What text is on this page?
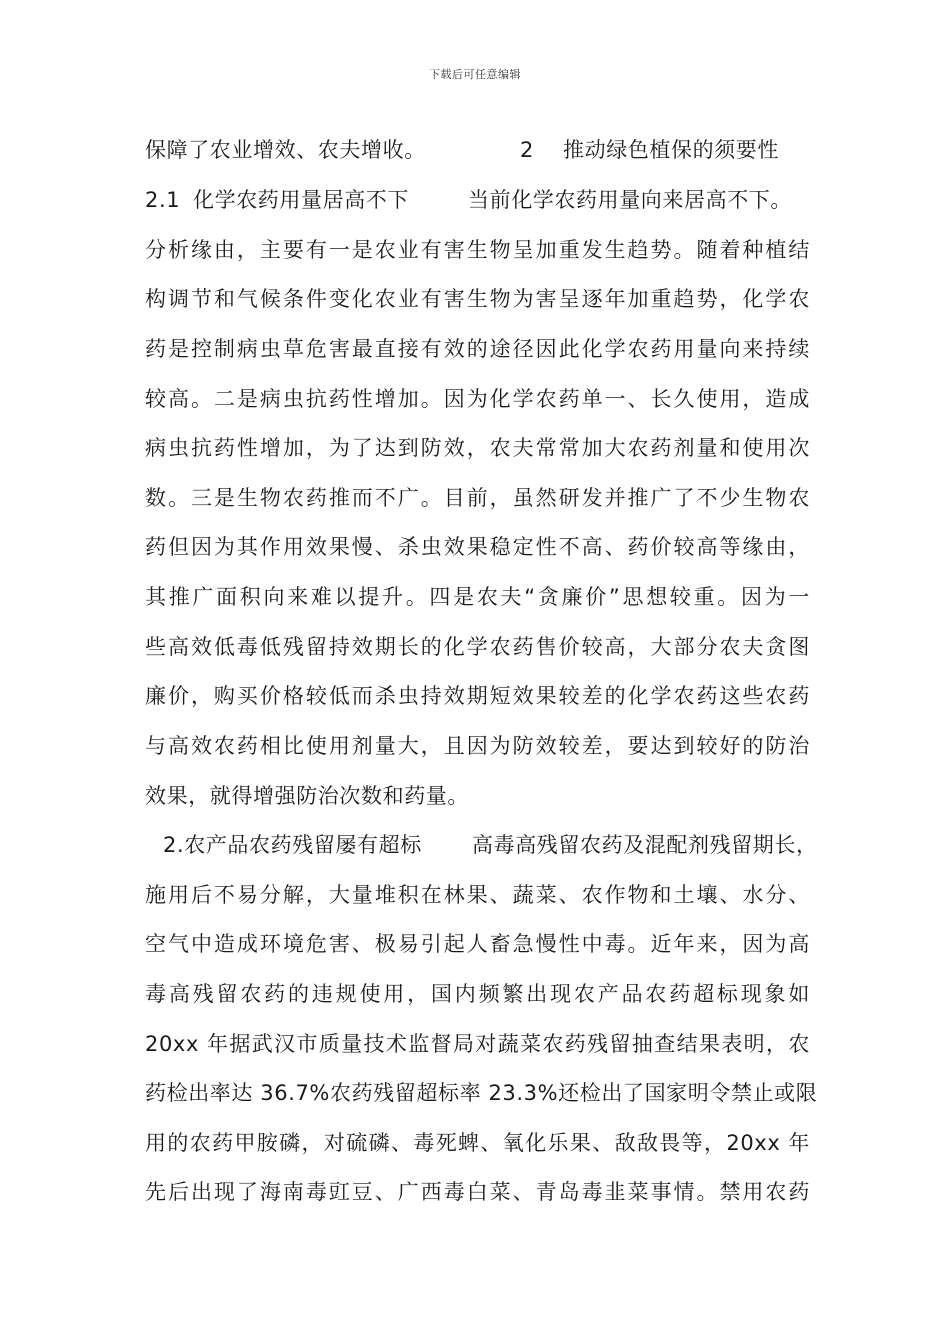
下载后可任意编辑
保障了农业增效、农夫增收。	2 推动绿色植保的须要性
2.1 化学农药用量居高不下	当前化学农药用量向来居高不下。
分析缘由，主要有一是农业有害生物呈加重发生趋势。随着种植结
构调节和气候条件变化农业有害生物为害呈逐年加重趋势，化学农
药是控制病虫草危害最直接有效的途径因此化学农药用量向来持续
较高。二是病虫抗药性增加。因为化学农药单一、长久使用，造成
病虫抗药性增加，为了达到防效，农夫常常加大农药剂量和使用次
数。三是生物农药推而不广。目前，虽然研发并推广了不少生物农
药但因为其作用效果慢、杀虫效果稳定性不高、药价较高等缘由，
其推广面积向来难以提升。四是农夫“贪廉价”思想较重。因为一
些高效低毒低残留持效期长的化学农药售价较高，大部分农夫贪图
廉价，购买价格较低而杀虫持效期短效果较差的化学农药这些农药
与高效农药相比使用剂量大，且因为防效较差，要达到较好的防治
效果，就得增强防治次数和药量。
2.农产品农药残留屡有超标 高毒高残留农药及混配剂残留期长，
施用后不易分解，大量堆积在林果、蔬菜、农作物和土壤、水分、
空气中造成环境危害、极易引起人畜急慢性中毒。近年来，因为高
毒高残留农药的违规使用，国内频繁出现农产品农药超标现象如
20xx 年据武汉市质量技术监督局对蔬菜农药残留抽查结果表明，农
药检出率达 36.7%农药残留超标率 23.3%还检出了国家明令禁止或限
用的农药甲胺磷，对硫磷、毒死蜱、氧化乐果、敌敌畏等，20xx 年
先后出现了海南毒豇豆、广西毒白菜、青岛毒韭菜事情。禁用农药
